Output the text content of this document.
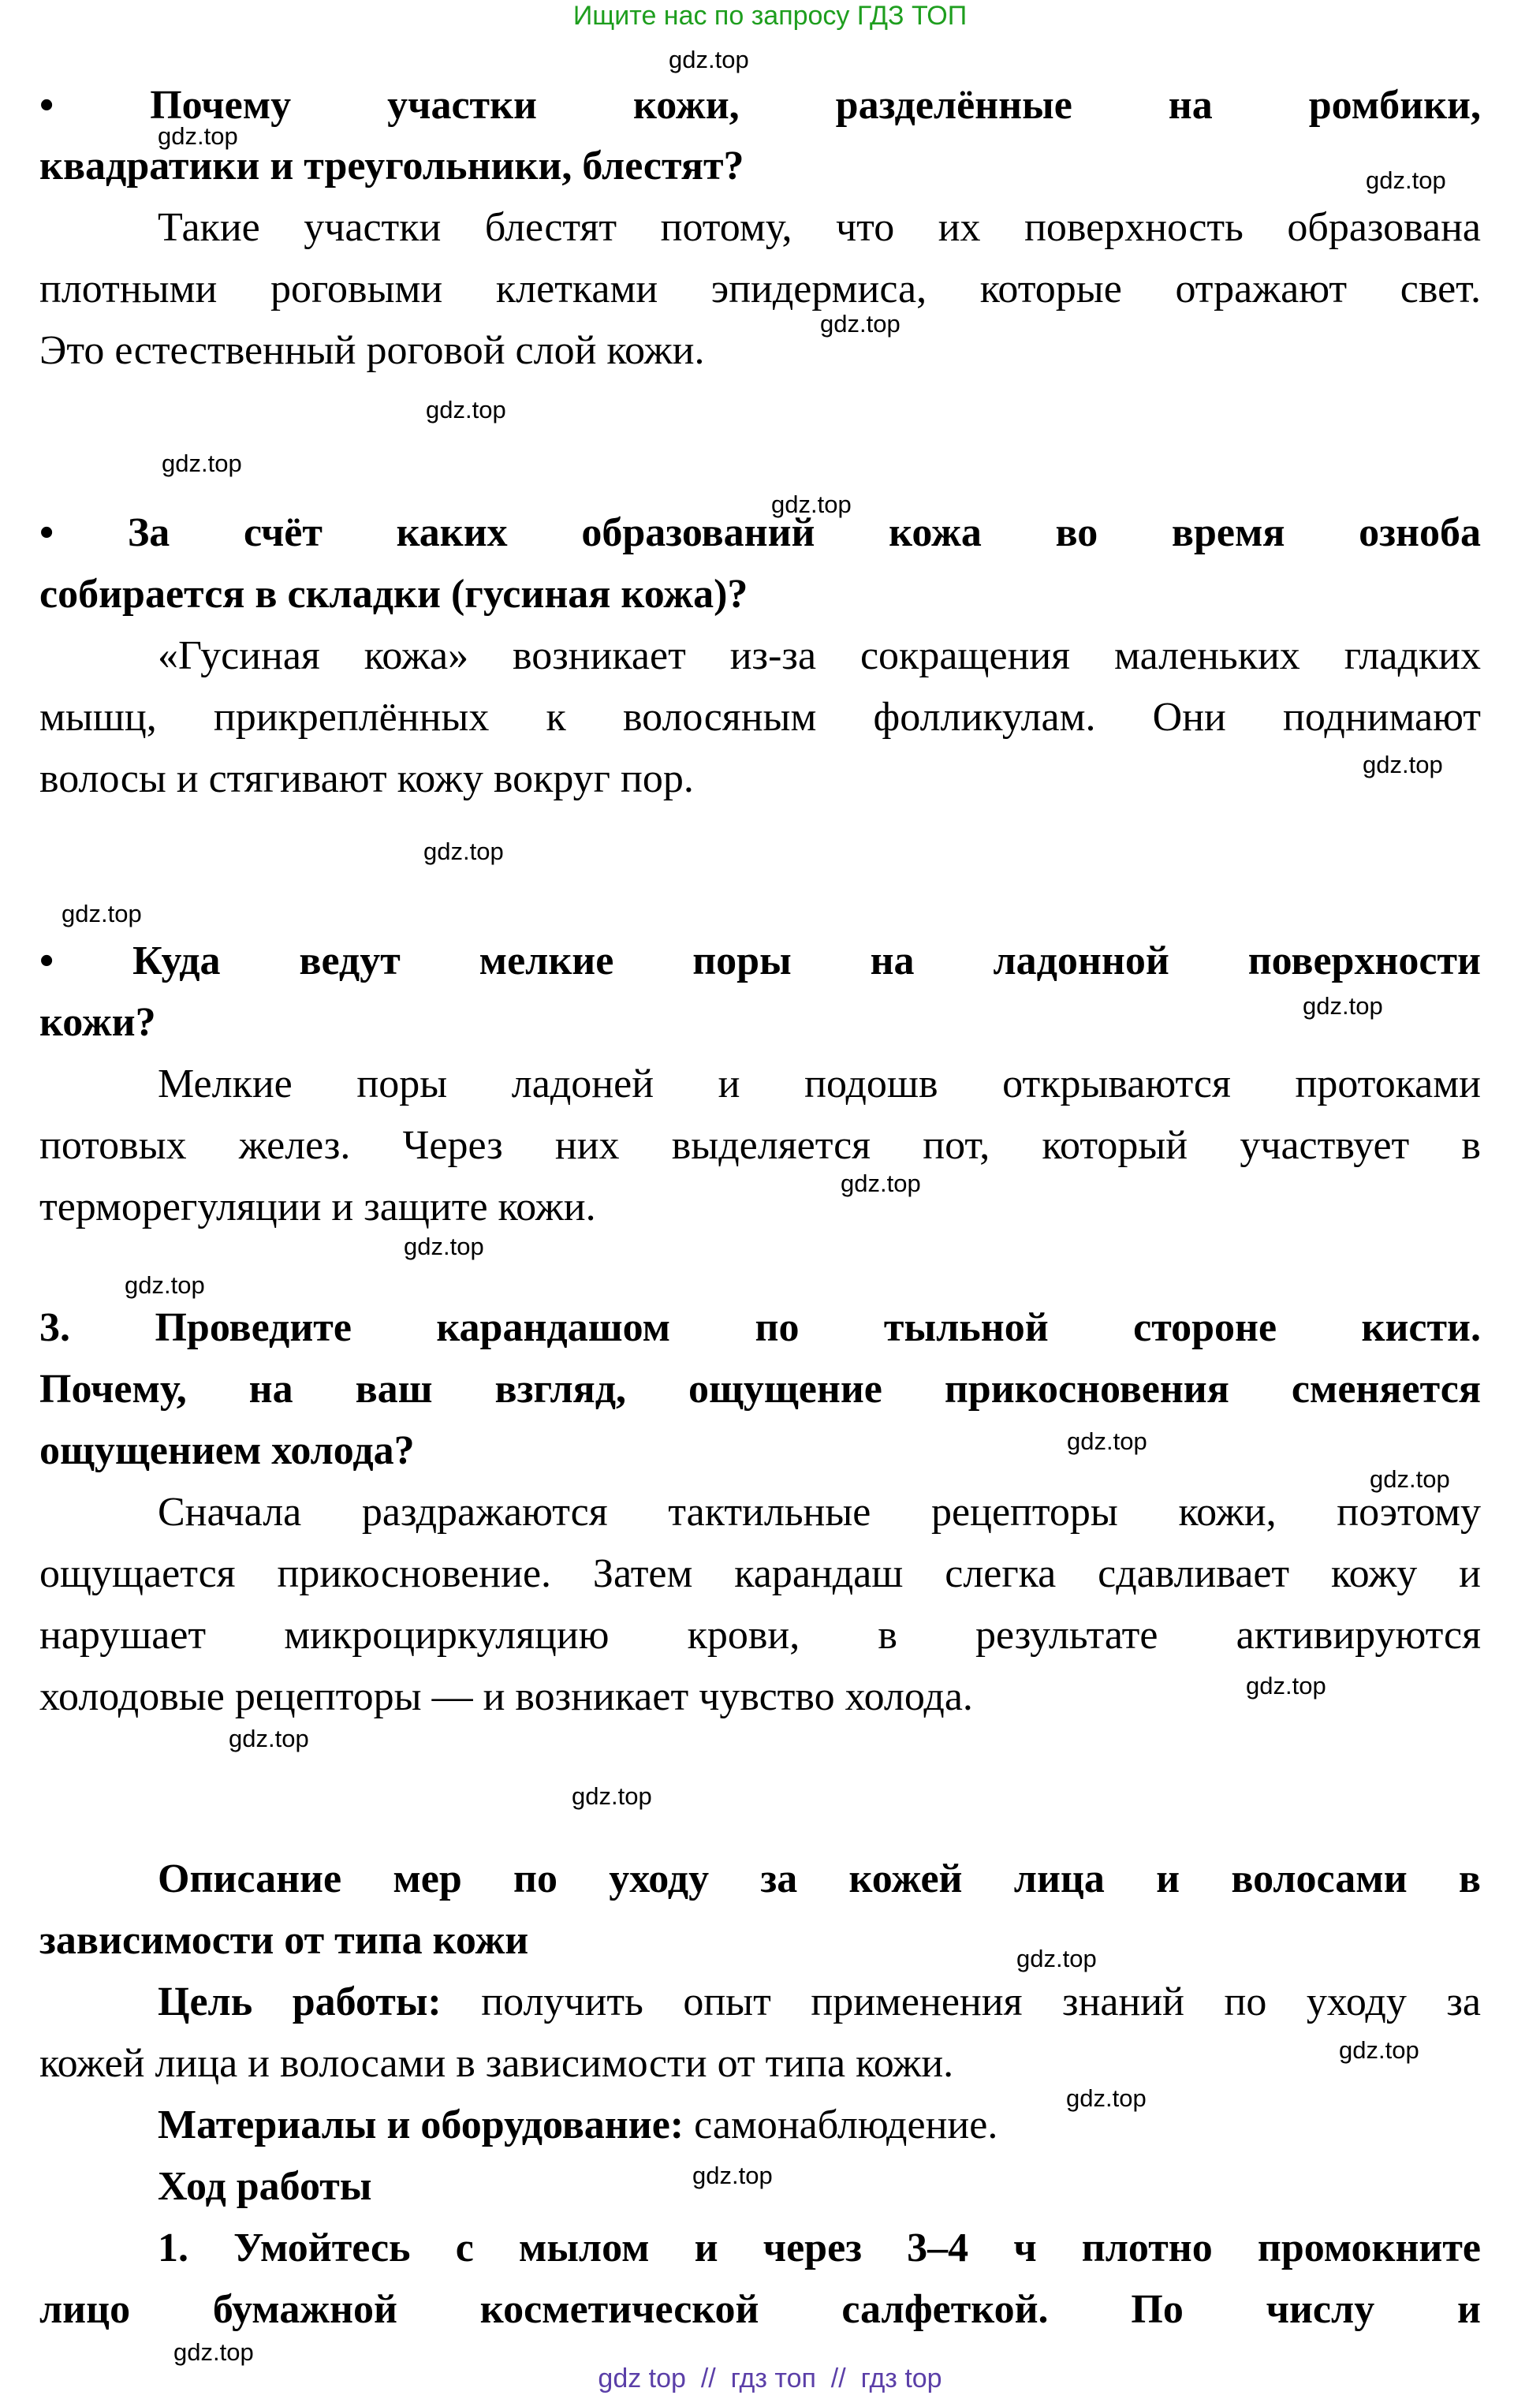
Ищите нас по запросу ГДЗ ТОП
• Почему участки кожи, разделённые на ромбики,
квадратики и треугольники, блестят?
Такие участки блестят потому, что их поверхность образована
плотными роговыми клетками эпидермиса, которые отражают свет.
Это естественный роговой слой кожи.
• За счёт каких образований кожа во время озноба
собирается в складки (гусиная кожа)?
«Гусиная кожа» возникает из-за сокращения маленьких гладких
мышц, прикреплённых к волосяным фолликулам. Они поднимают
волосы и стягивают кожу вокруг пор.
• Куда ведут мелкие поры на ладонной поверхности
кожи?
Мелкие поры ладоней и подошв открываются протоками
потовых желез. Через них выделяется пот, который участвует в
терморегуляции и защите кожи.
3. Проведите карандашом по тыльной стороне кисти.
Почему, на ваш взгляд, ощущение прикосновения сменяется
ощущением холода?
Сначала раздражаются тактильные рецепторы кожи, поэтому
ощущается прикосновение. Затем карандаш слегка сдавливает кожу и
нарушает микроциркуляцию крови, в результате активируются
холодовые рецепторы — и возникает чувство холода.
Описание мер по уходу за кожей лица и волосами в
зависимости от типа кожи
Цель работы: получить опыт применения знаний по уходу за
кожей лица и волосами в зависимости от типа кожи.
Материалы и оборудование: самонаблюдение.
Ход работы
1. Умойтесь с мылом и через 3–4 ч плотно промокните
лицо бумажной косметической салфеткой. По числу и
gdz.top
gdz.top
gdz.top
gdz.top
gdz.top
gdz.top
gdz.top
gdz.top
gdz.top
gdz.top
gdz.top
gdz.top
gdz.top
gdz.top
gdz.top
gdz.top
gdz.top
gdz.top
gdz.top
gdz.top
gdz.top
gdz.top
gdz.top
gdz.top
gdz top  //  гдз топ  //  гдз top
